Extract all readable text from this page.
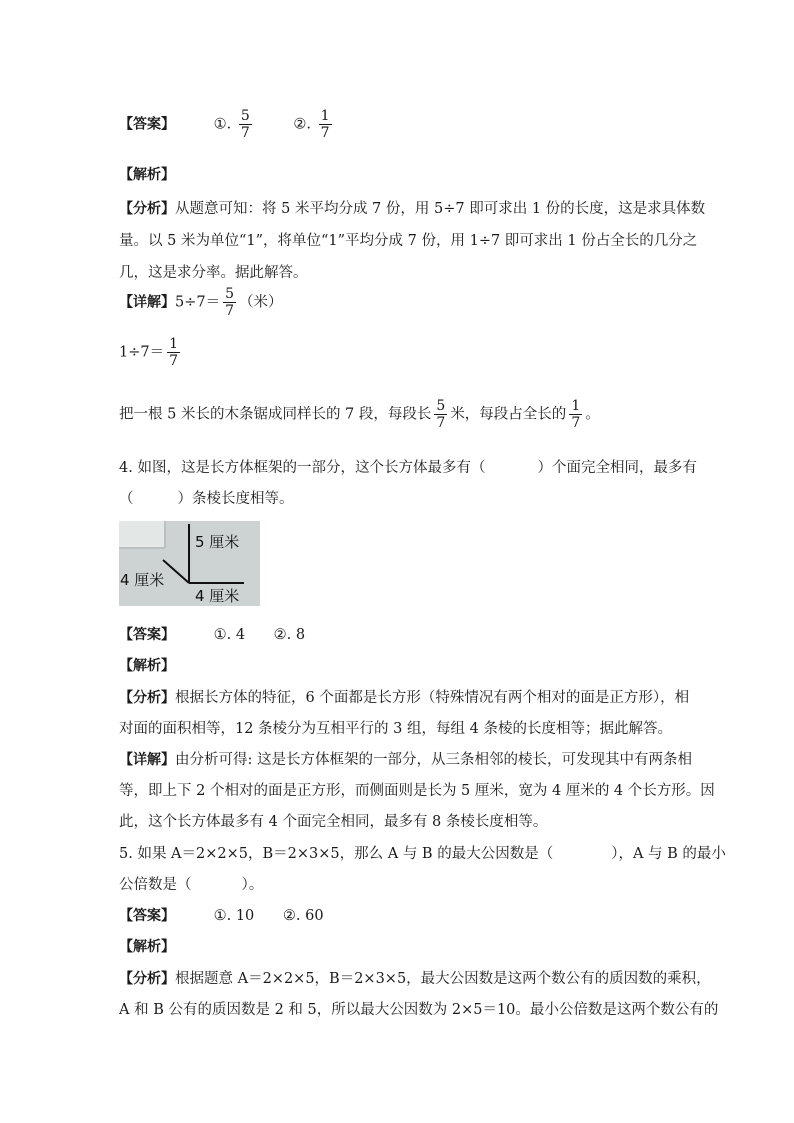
【答案】	①. $\frac{5}{7}$	②. $\frac{1}{7}$
【解析】
【分析】从题意可知：将 5 米平均分成 7 份，用 5÷7 即可求出 1 份的长度，这是求具体数
量。以 5 米为单位“1”，将单位“1”平均分成 7 份，用 1÷7 即可求出 1 份占全长的几分之
几，这是求分率。据此解答。
【详解】$5\div 7= \frac{5}{7}$ （米）
$1\div 7= \frac{1}{7}$
把一根 5 米长的木条锯成同样长的 7 段，每段长 $\frac{5}{7}$ 米，每段占全长的 $\frac{1}{7}$ 。
4. 如图，这是长方体框架的一部分，这个长方体最多有（	）个面完全相同，最多有
（	）条棱长度相等。
5 厘米
4 厘米
4 厘米
【答案】	①. 4 ②. 8
【解析】
【分析】根据长方体的特征，6 个面都是长方形（特殊情况有两个相对的面是正方形），相
对面的面积相等，12 条棱分为互相平行的 3 组，每组 4 条棱的长度相等；据此解答。
【详解】由分析可得: 这是长方体框架的一部分，从三条相邻的棱长，可发现其中有两条相
等，即上下 2 个相对的面是正方形，而侧面则是长为 5 厘米，宽为 4 厘米的 4 个长方形。因
此，这个长方体最多有 4 个面完全相同，最多有 8 条棱长度相等。
5. 如果 A＝2×2×5，B＝2×3×5，那么 A 与 B 的最大公因数是（	），A 与 B 的最小
公倍数是（	）。
【答案】	①. 10 ②. 60
【解析】
【分析】根据题意 A＝2×2×5，B＝2×3×5，最大公因数是这两个数公有的质因数的乘积，
A 和 B 公有的质因数是 2 和 5，所以最大公因数为 2×5＝10。最小公倍数是这两个数公有的
